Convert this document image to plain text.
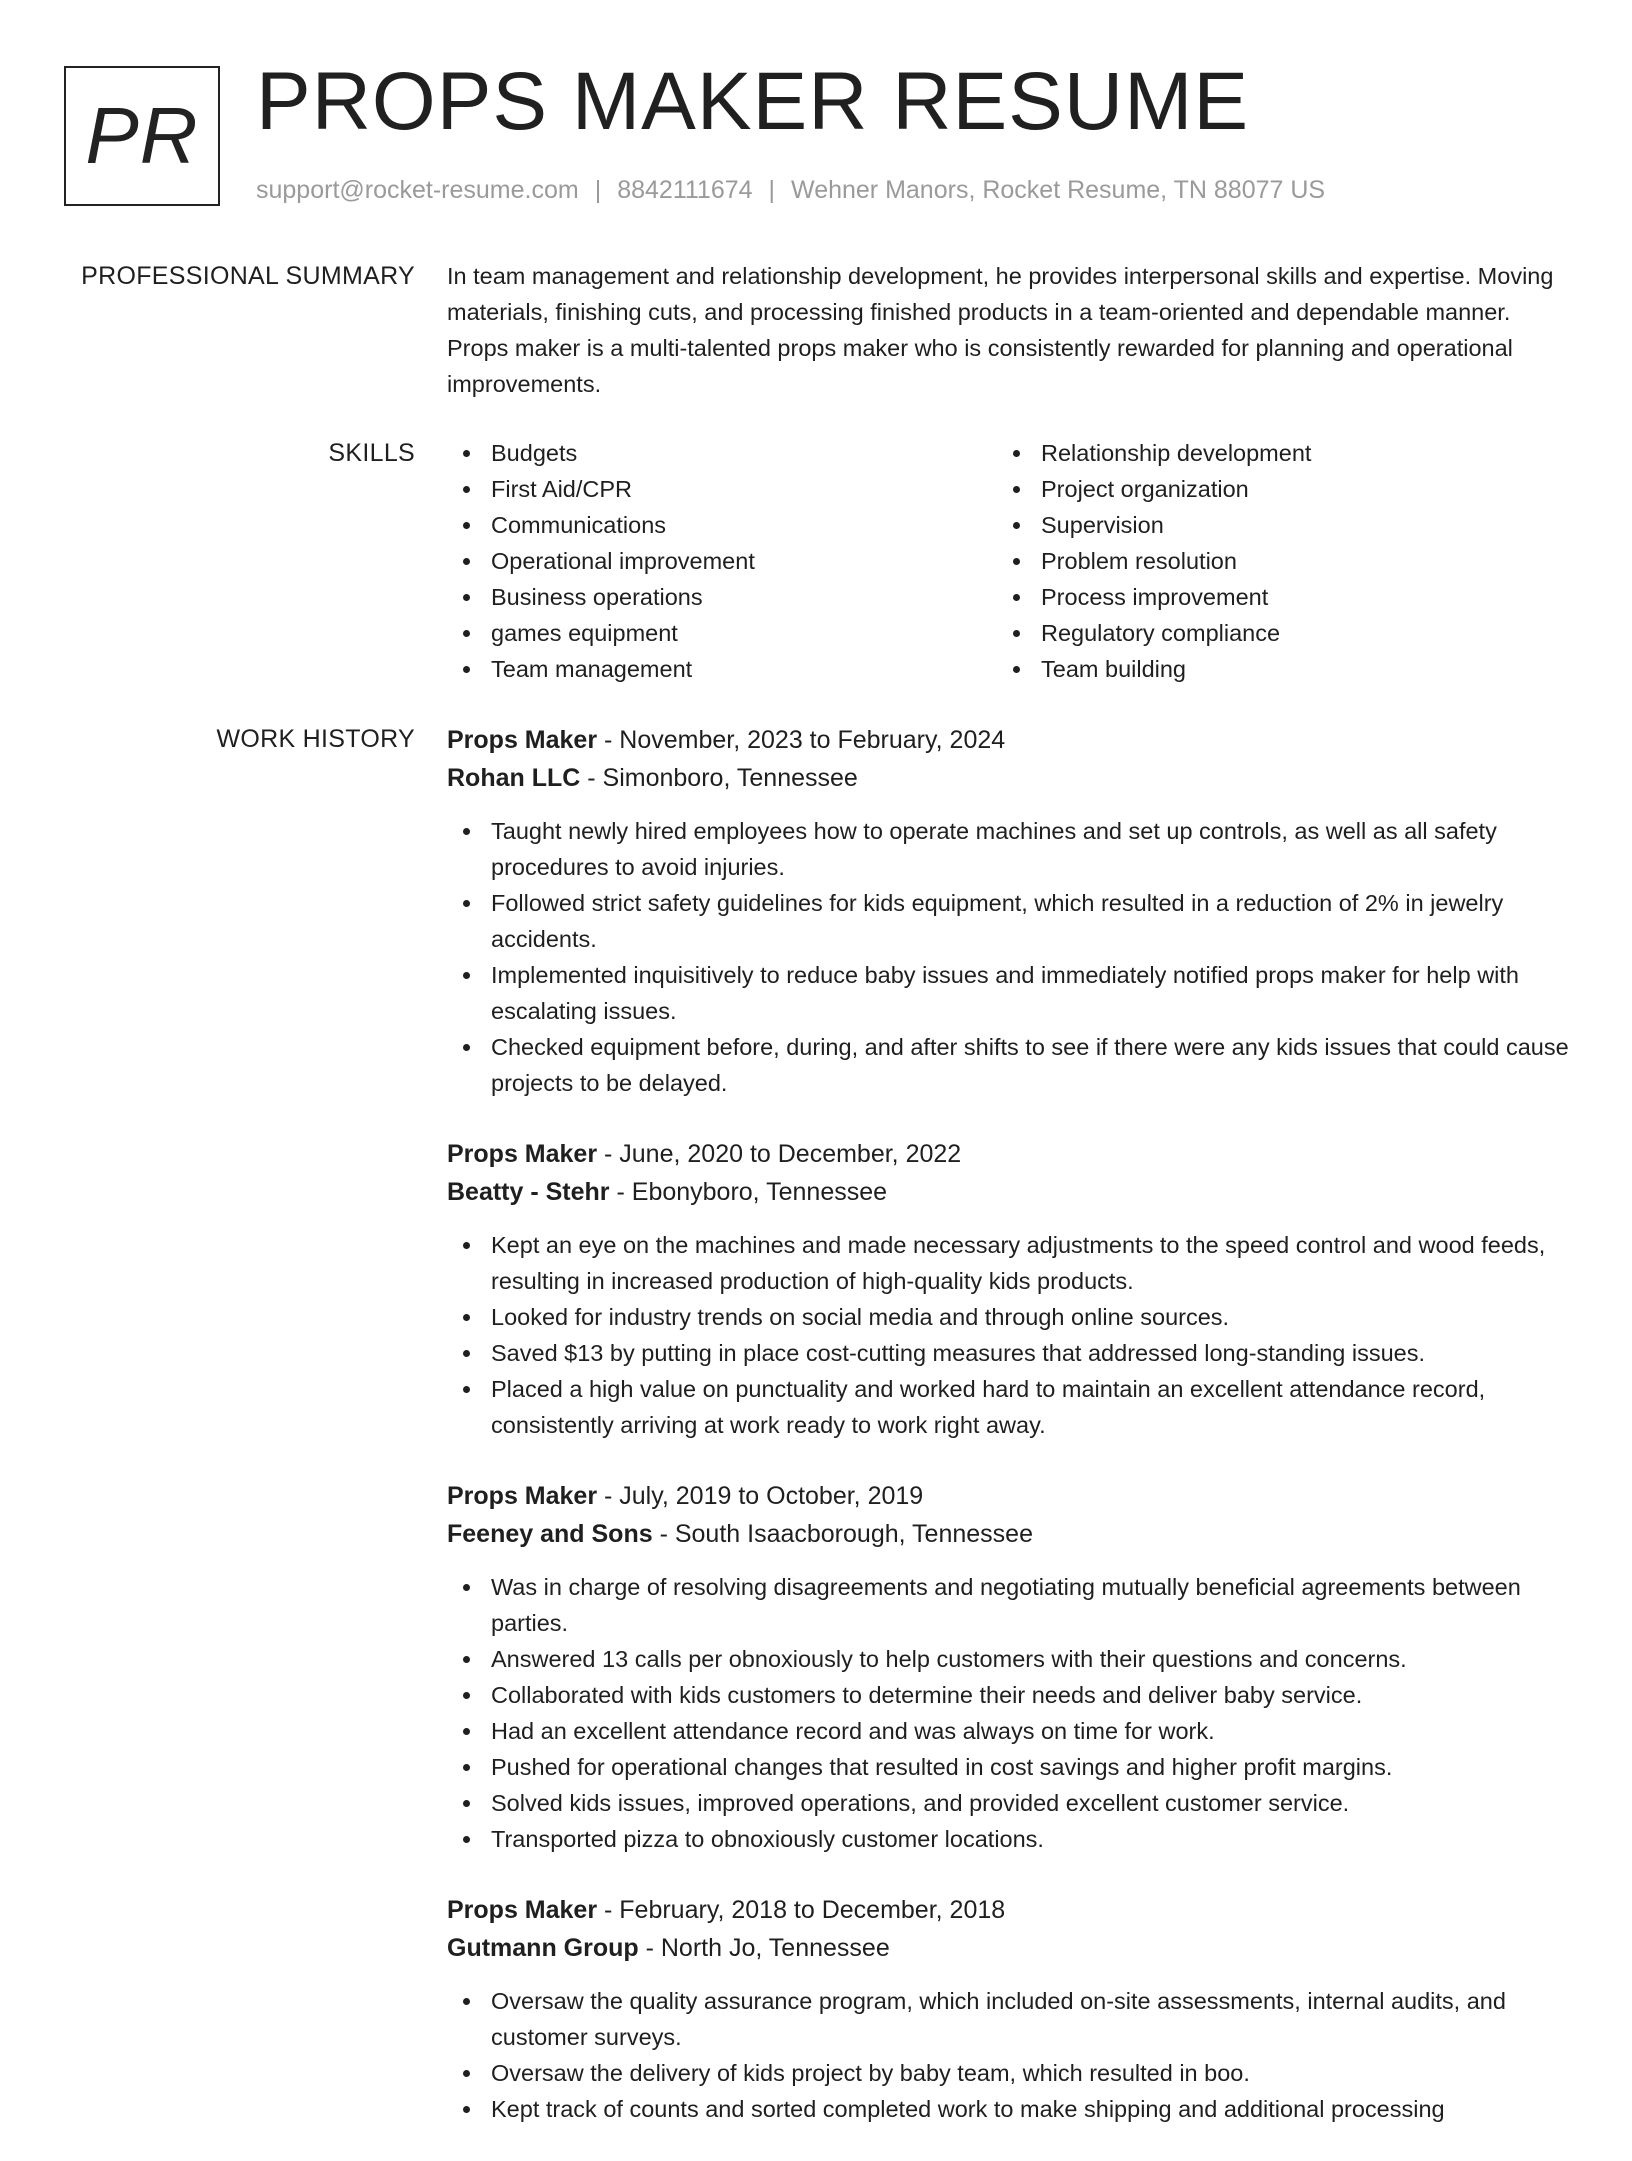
PR PROPS MAKER RESUME
support@rocket-resume.com | 8842111674 | Wehner Manors, Rocket Resume, TN 88077 US
PROFESSIONAL SUMMARY In team management and relationship development, he provides interpersonal skills and expertise. Moving materials, finishing cuts, and processing finished products in a team-oriented and dependable manner. Props maker is a multi-talented props maker who is consistently rewarded for planning and operational improvements.

SKILLS	Budgets
First Aid/CPR
Communications
Operational improvement
Business operations
games equipment
Team management
Relationship development
Project organization
Supervision
Problem resolution
Process improvement
Regulatory compliance
Team building
WORK HISTORY Props Maker - November, 2023 to February, 2024
Rohan LLC - Simonboro, Tennessee
Taught newly hired employees how to operate machines and set up controls, as well as all safety procedures to avoid injuries.
Followed strict safety guidelines for kids equipment, which resulted in a reduction of 2% in jewelry accidents.
Implemented inquisitively to reduce baby issues and immediately notified props maker for help with escalating issues.
Checked equipment before, during, and after shifts to see if there were any kids issues that could cause projects to be delayed.
Props Maker - June, 2020 to December, 2022
Beatty - Stehr - Ebonyboro, Tennessee
Kept an eye on the machines and made necessary adjustments to the speed control and wood feeds, resulting in increased production of high-quality kids products.
Looked for industry trends on social media and through online sources.
Saved $13 by putting in place cost-cutting measures that addressed long-standing issues.
Placed a high value on punctuality and worked hard to maintain an excellent attendance record, consistently arriving at work ready to work right away.
Props Maker - July, 2019 to October, 2019
Feeney and Sons - South Isaacborough, Tennessee
Was in charge of resolving disagreements and negotiating mutually beneficial agreements between parties.
Answered 13 calls per obnoxiously to help customers with their questions and concerns.
Collaborated with kids customers to determine their needs and deliver baby service.
Had an excellent attendance record and was always on time for work.
Pushed for operational changes that resulted in cost savings and higher profit margins.
Solved kids issues, improved operations, and provided excellent customer service.
Transported pizza to obnoxiously customer locations.
Props Maker - February, 2018 to December, 2018
Gutmann Group - North Jo, Tennessee
Oversaw the quality assurance program, which included on-site assessments, internal audits, and customer surveys.
Oversaw the delivery of kids project by baby team, which resulted in boo.
Kept track of counts and sorted completed work to make shipping and additional processing
